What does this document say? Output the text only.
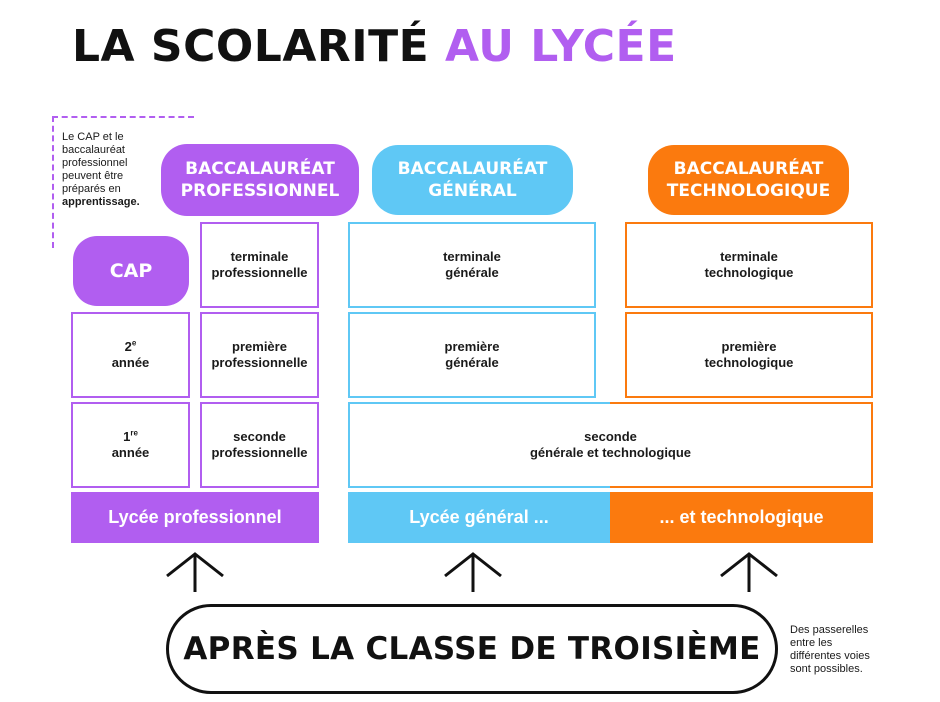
LA SCOLARITÉ AU LYCÉE
Le CAP et le
baccalauréat
professionnel
peuvent être
préparés en
apprentissage.
BACCALAURÉAT
PROFESSIONNEL
BACCALAURÉAT
GÉNÉRAL
BACCALAURÉAT
TECHNOLOGIQUE
CAP
2e
année
1re
année
terminale
professionnelle
première
professionnelle
seconde
professionnelle
terminale
générale
première
générale
terminale
technologique
première
technologique
seconde
générale et technologique
Lycée professionnel	Lycée général ...	... et technologique
APRÈS LA CLASSE DE TROISIÈME
Des passerelles
entre les
différentes voies
sont possibles.
